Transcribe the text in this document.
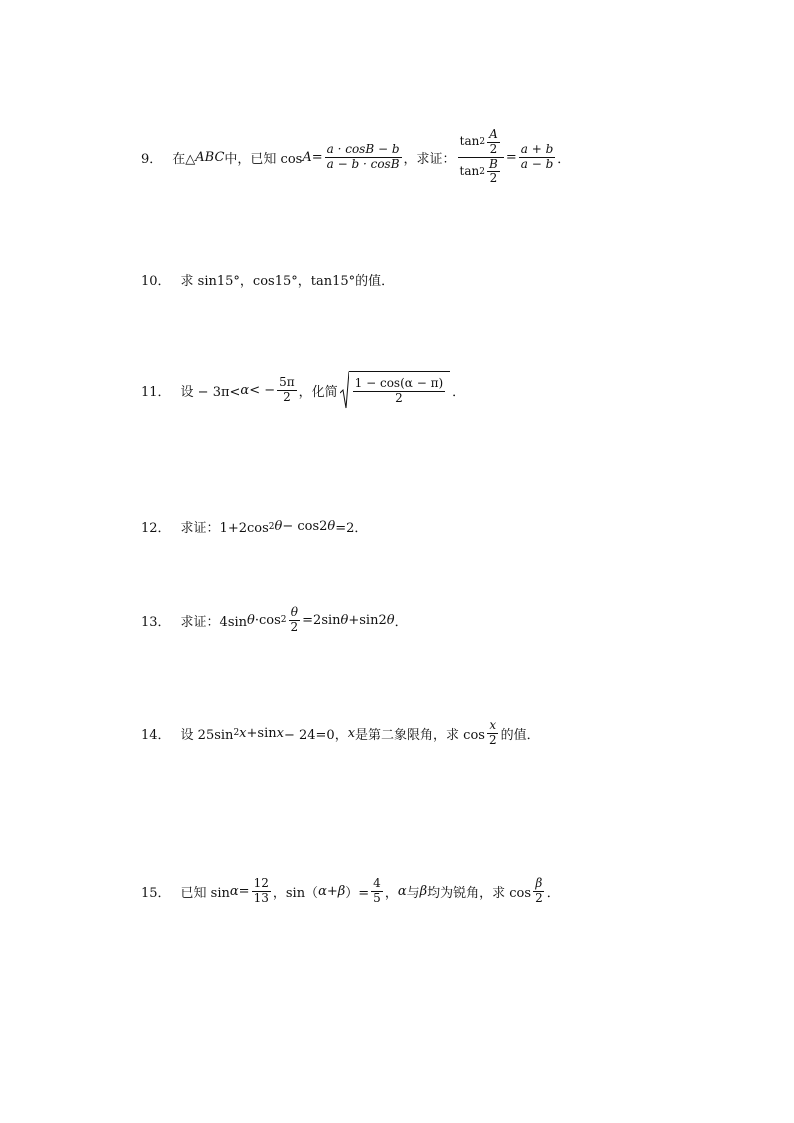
9． 在△ ABC 中，已知 $\cos A = \frac{a \cdot \cos B - b}{a - b \cdot \cos B}$ ，求证： $\frac{\tan 2 \frac{A}{2}}{\tan 2 \frac{B}{2}} = \frac{a + b}{a - b}$ ．
10． 求 sin15°，cos15°，tan15°的值．
11． 设 − 3π< α < − $\frac{5\pi}{2}$ ，化简 $\frac{1 - \cos(\alpha - \pi)}{2}$ ．
12． 求证：1+2cos 2 θ − cos2 θ =2．
13． 求证：4sin θ ·cos $2 \frac{\theta}{2} =2\sin$ θ +sin2 θ ．
14． 设 25sin 2 x +sin x − 24=0， x 是第二象限角，求 $\cos \frac{x}{2}$ 的值．
15． 已知 $\sin \alpha = \frac{12}{13}$ ，sin（ α + β ）= $\frac{4}{5}$ ， α 与 β 均为锐角，求 $\cos \frac{\beta}{2}$ ．
